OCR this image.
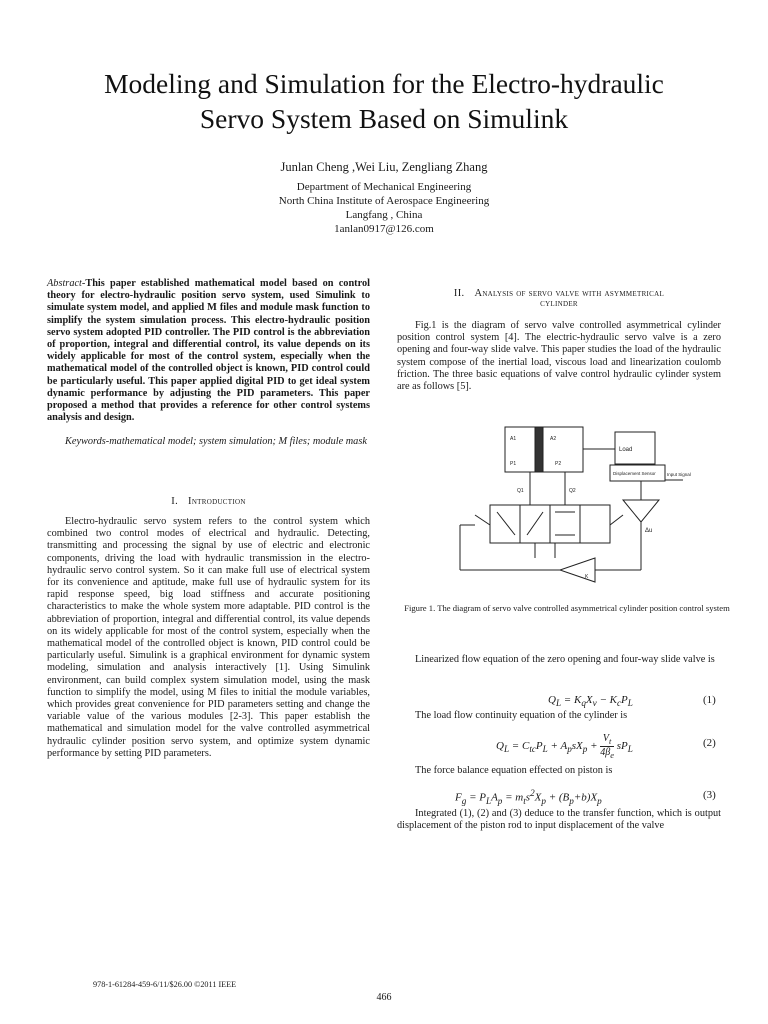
Modeling and Simulation for the Electro-hydraulic
Servo System Based on Simulink
Junlan Cheng ,Wei Liu, Zengliang Zhang
Department of Mechanical Engineering
North China Institute of Aerospace Engineering
Langfang , China
1anlan0917@126.com

Abstract-This paper established mathematical model based on control theory for electro-hydraulic position servo system, used Simulink to simulate system model, and applied M files and module mask function to simplify the system simulation process. This electro-hydraulic position servo system adopted PID controller. The PID control is the abbreviation of proportion, integral and differential control, its value depends on its widely applicable for most of the control system, especially when the mathematical model of the controlled object is known, PID control could be particularly useful. This paper applied digital PID to get ideal system dynamic performance by adjusting the PID parameters. This paper proposed a method that provides a reference for other control systems analysis and design.

Keywords-mathematical model; system simulation; M files; module mask

I. Introduction

Electro-hydraulic servo system refers to the control system which combined two control modes of electrical and hydraulic. Detecting, transmitting and processing the signal by use of electric and electronic components, driving the load with hydraulic transmission in the electro-hydraulic servo control system. So it can make full use of electrical system for its convenience and aptitude, make full use of hydraulic system for its rapid response speed, big load stiffness and accurate positioning characteristics to make the whole system more adaptable. PID control is the abbreviation of proportion, integral and differential control, its value depends on its widely applicable for most of the control system, especially when the mathematical model of the controlled object is known, PID control could be particularly useful. Simulink is a graphical environment for dynamic system modeling, simulation and analysis interactively [1]. Using Simulink environment, can build complex system simulation model, using the mask function to simplify the model, using M files to initial the module variables, which provides great convenience for PID parameters setting and change the variable value of the various modules [2-3]. This paper establish the mathematical and simulation model for the valve controlled asymmetrical hydraulic cylinder position servo system, and optimize system dynamic performance by setting PID parameters.

II. Analysis of servo valve with asymmetrical
cylinder

Fig.1 is the diagram of servo valve controlled asymmetrical cylinder position control system [4]. The electric-hydraulic servo valve is a zero opening and four-way slide valve. This paper studies the load of the hydraulic system compose of the inertial load, viscous load and linearization coulomb friction. The three basic equations of valve control hydraulic cylinder system are as follows [5].

Load
Displacement Sensor Input Signal
Δu
A1	A2
Q1	Q2
P1	P2
K
Figure 1. The diagram of servo valve controlled asymmetrical cylinder position control system

Linearized flow equation of the zero opening and four-way slide valve is

$Q_L = K_qX_v - K_cP_L$	(1)

The load flow continuity equation of the cylinder is

$Q_L = C_{tc}P_L + A_psX_p + \frac{V_t}{4\beta_e} sP_L$
(2)

The force balance equation effected on piston is

$F_g = P_LA_p = m_ts^2X_p + (B_p+b)X_p$	(3)

Integrated (1), (2) and (3) deduce to the transfer function, which is output displacement of the piston rod to input displacement of the valve

978-1-61284-459-6/11/$26.00 ©2011 IEEE
466
